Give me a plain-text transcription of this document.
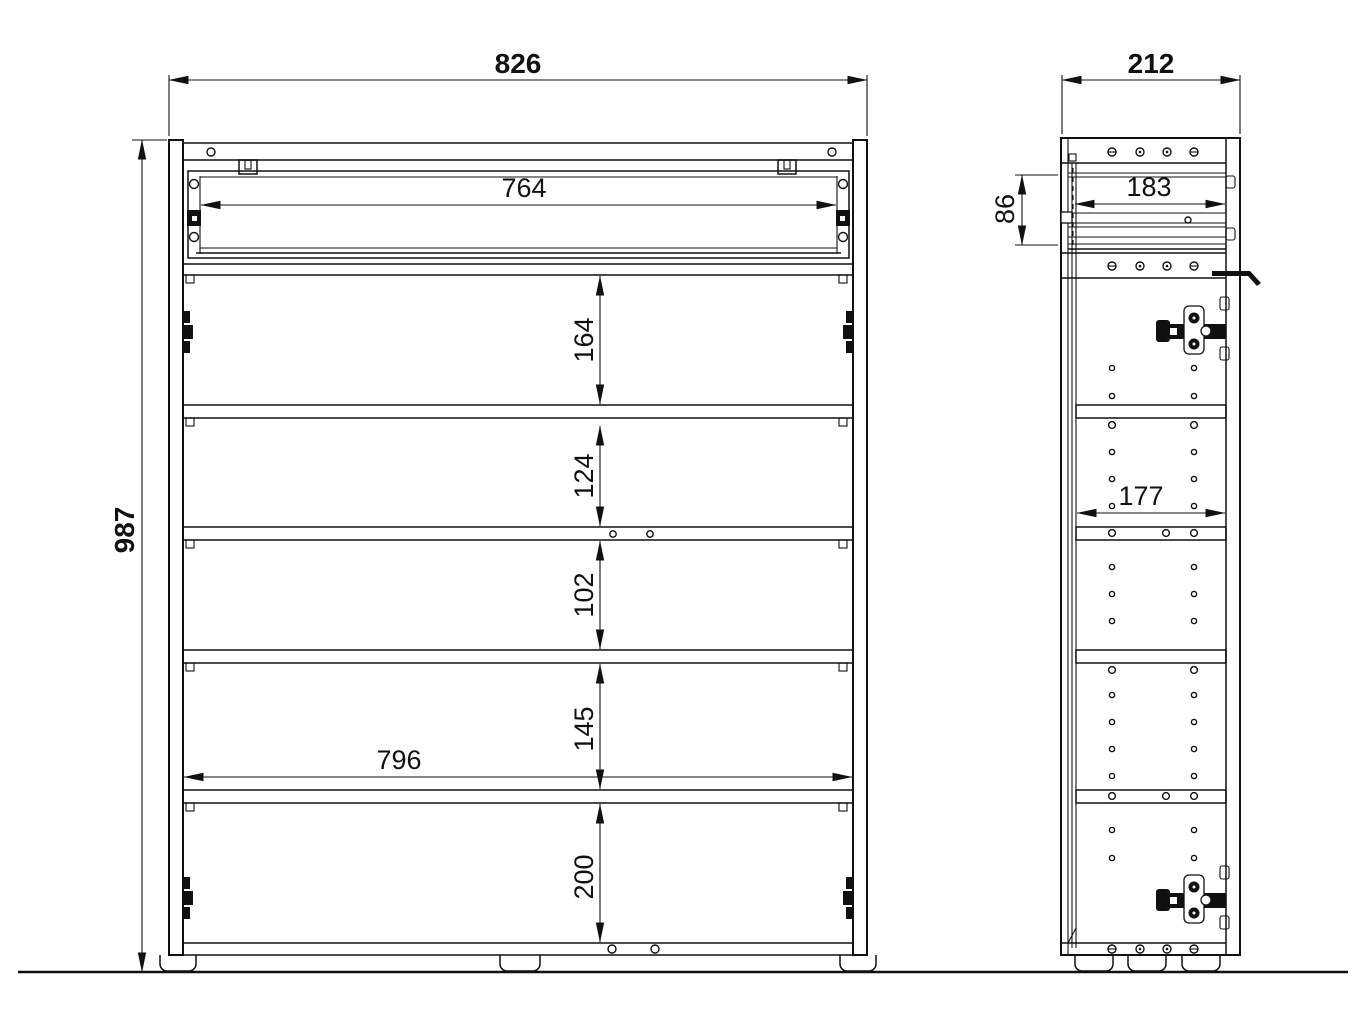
826
987
764
164
124
102
145
200
796
183
86
177
212
